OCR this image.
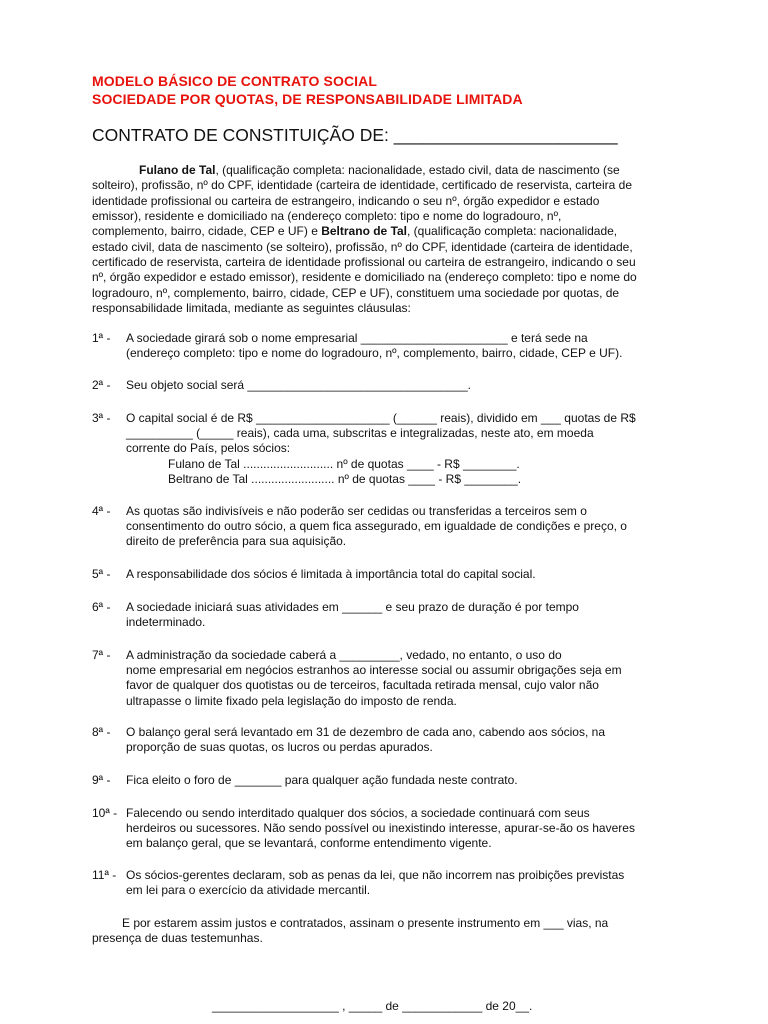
MODELO BÁSICO DE CONTRATO SOCIAL
SOCIEDADE POR QUOTAS, DE RESPONSABILIDADE LIMITADA
CONTRATO DE CONSTITUIÇÃO DE: _______________________
Fulano de Tal, (qualificação completa: nacionalidade, estado civil, data de nascimento (se
solteiro), profissão, nº do CPF, identidade (carteira de identidade, certificado de reservista, carteira de
identidade profissional ou carteira de estrangeiro, indicando o seu nº, órgão expedidor e estado
emissor), residente e domiciliado na (endereço completo: tipo e nome do logradouro, nº,
complemento, bairro, cidade, CEP e UF) e Beltrano de Tal, (qualificação completa: nacionalidade,
estado civil, data de nascimento (se solteiro), profissão, nº do CPF, identidade (carteira de identidade,
certificado de reservista, carteira de identidade profissional ou carteira de estrangeiro, indicando o seu
nº, órgão expedidor e estado emissor), residente e domiciliado na (endereço completo: tipo e nome do
logradouro, nº, complemento, bairro, cidade, CEP e UF), constituem uma sociedade por quotas, de
responsabilidade limitada, mediante as seguintes cláusulas:
1ª - A sociedade girará sob o nome empresarial ______________________ e terá sede na
(endereço completo: tipo e nome do logradouro, nº, complemento, bairro, cidade, CEP e UF).
2ª - Seu objeto social será _________________________________.
3ª - O capital social é de R$ ____________________ (______ reais), dividido em ___ quotas de R$
__________ (_____ reais), cada uma, subscritas e integralizadas, neste ato, em moeda
corrente do País, pelos sócios:
Fulano de Tal ........................... nº de quotas ____ - R$ ________.
Beltrano de Tal ......................... nº de quotas ____ - R$ ________.
4ª - As quotas são indivisíveis e não poderão ser cedidas ou transferidas a terceiros sem o
consentimento do outro sócio, a quem fica assegurado, em igualdade de condições e preço, o
direito de preferência para sua aquisição.
5ª - A responsabilidade dos sócios é limitada à importância total do capital social.
6ª - A sociedade iniciará suas atividades em ______ e seu prazo de duração é por tempo
indeterminado.
7ª - A administração da sociedade caberá a _________, vedado, no entanto, o uso do
nome empresarial em negócios estranhos ao interesse social ou assumir obrigações seja em
favor de qualquer dos quotistas ou de terceiros, facultada retirada mensal, cujo valor não
ultrapasse o limite fixado pela legislação do imposto de renda.
8ª - O balanço geral será levantado em 31 de dezembro de cada ano, cabendo aos sócios, na
proporção de suas quotas, os lucros ou perdas apurados.
9ª - Fica eleito o foro de _______ para qualquer ação fundada neste contrato.
10ª - Falecendo ou sendo interditado qualquer dos sócios, a sociedade continuará com seus
herdeiros ou sucessores. Não sendo possível ou inexistindo interesse, apurar-se-ão os haveres
em balanço geral, que se levantará, conforme entendimento vigente.
11ª - Os sócios-gerentes declaram, sob as penas da lei, que não incorrem nas proibições previstas
em lei para o exercício da atividade mercantil.
E por estarem assim justos e contratados, assinam o presente instrumento em ___ vias, na
presença de duas testemunhas.
___________________ , _____ de ____________ de 20__.
